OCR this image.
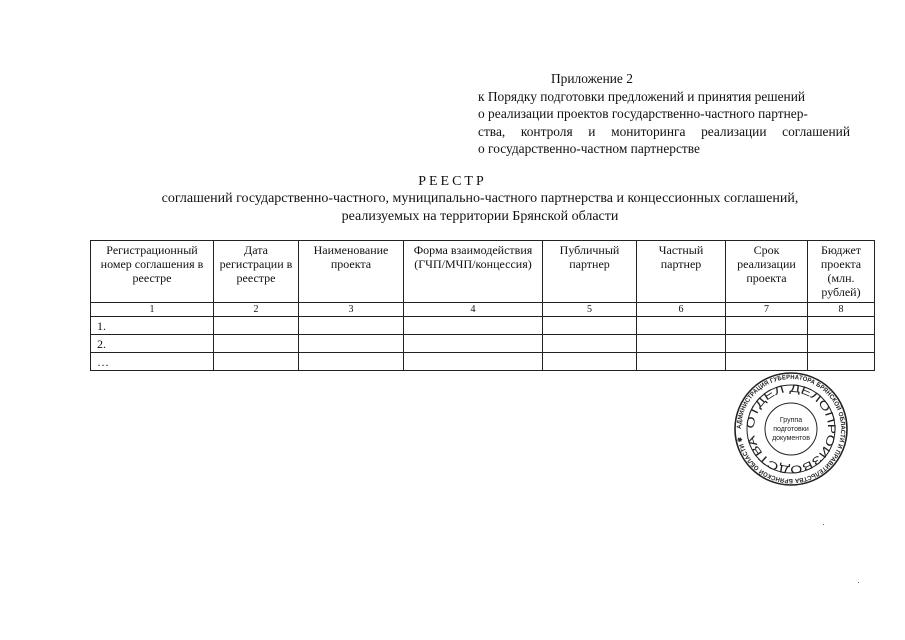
Приложение 2
к Порядку подготовки предложений и принятия решений
о реализации проектов государственно-частного партнер-
ства, контроля и мониторинга реализации соглашений
о государственно-частном партнерстве
РЕЕСТР
соглашений государственно-частного, муниципально-частного партнерства и концессионных соглашений,
реализуемых на территории Брянской области
Регистрационный номер соглашения в реестре	Дата регистрации в реестре	Наименование проекта	Форма взаимодействия (ГЧП/МЧП/концессия)	Публичный партнер	Частный партнер	Срок реализации проекта	Бюджет проекта (млн. рублей)
1	2	3	4	5	6	7	8
1.							
2.							
…							
АДМИНИСТРАЦИЯ ГУБЕРНАТОРА БРЯНСКОЙ ОБЛАСТИ И ПРАВИТЕЛЬСТВА БРЯНСКОЙ ОБЛАСТИ ✱
ОТДЕЛ ДЕЛОПРОИЗВОДСТВА
Группа
подготовки
документов
